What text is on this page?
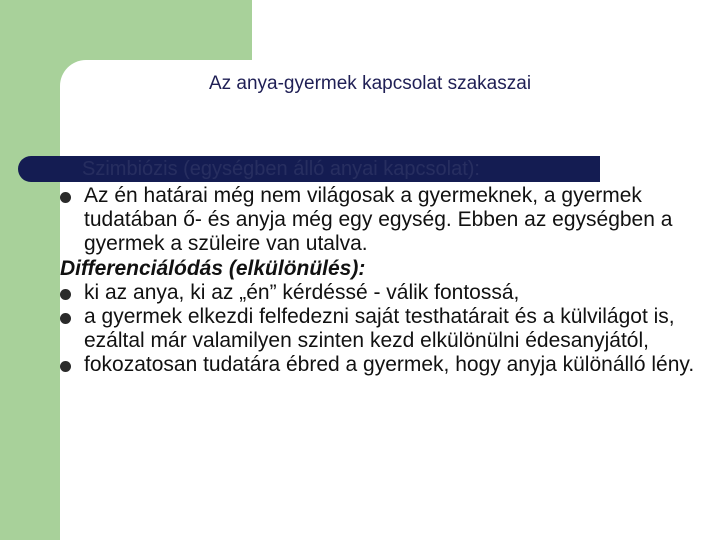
Az anya-gyermek kapcsolat szakaszai
Szimbiózis (egységben álló anyai kapcsolat):
Az én határai még nem világosak a gyermeknek, a gyermek tudatában ő- és anyja még egy egység. Ebben az egységben a gyermek a szüleire van utalva.
Differenciálódás (elkülönülés):
ki az anya, ki az „én” kérdéssé - válik fontossá,
a gyermek elkezdi felfedezni saját testhatárait és a külvilágot is, ezáltal már valamilyen szinten kezd elkülönülni édesanyjától,
fokozatosan tudatára ébred a gyermek, hogy anyja különálló lény.
